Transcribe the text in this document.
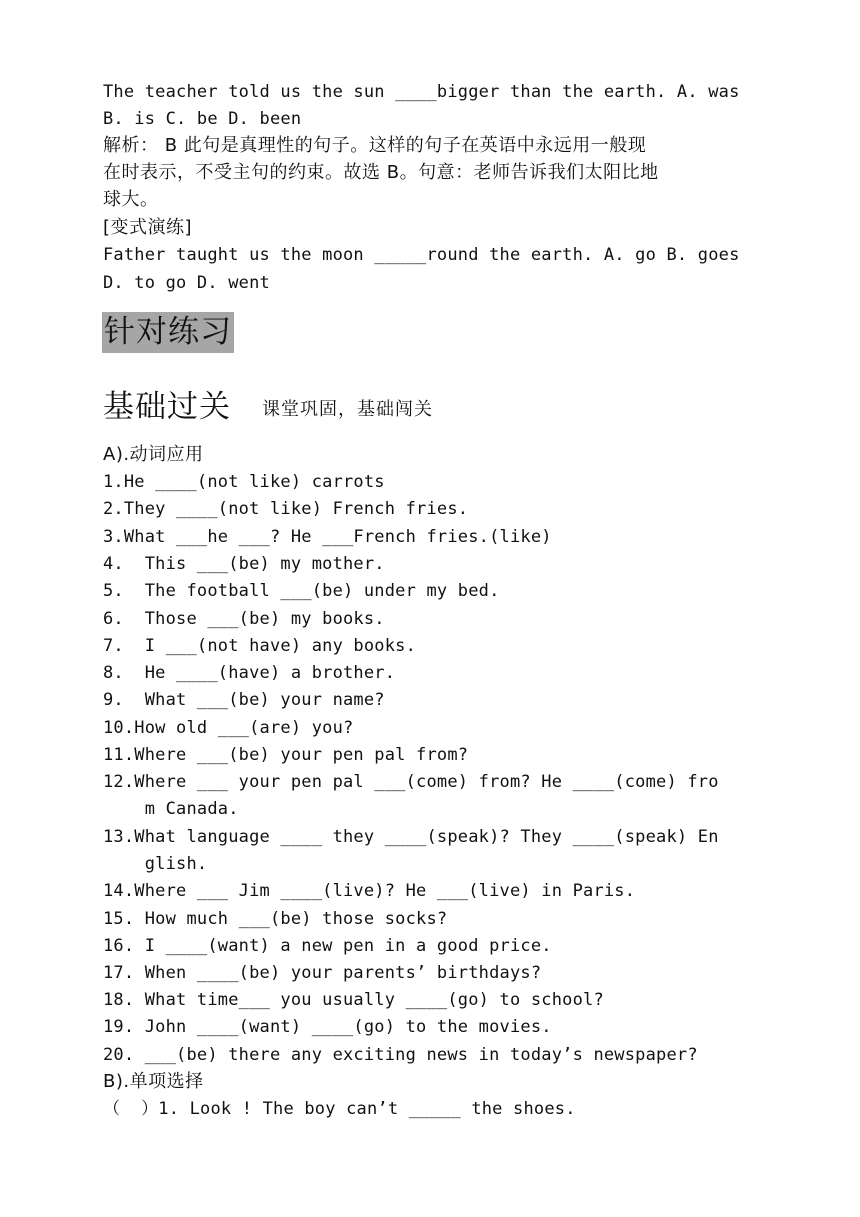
The teacher told us the sun ____bigger than the earth. A. was
B. is C. be D. been
解析： B 此句是真理性的句子。这样的句子在英语中永远用一般现
在时表示，不受主句的约束。故选 B。句意：老师告诉我们太阳比地
球大。
[变式演练]
Father taught us the moon _____round the earth. A. go B. goes
D. to go D. went
针对练习
基础过关 课堂巩固，基础闯关
A).动词应用
1.He ____(not like) carrots
2.They ____(not like) French fries.
3.What ___he ___? He ___French fries.(like)
4.  This ___(be) my mother.
5.  The football ___(be) under my bed.
6.  Those ___(be) my books.
7.  I ___(not have) any books.
8.  He ____(have) a brother.
9.  What ___(be) your name?
10.How old ___(are) you?
11.Where ___(be) your pen pal from?
12.Where ___ your pen pal ___(come) from? He ____(come) fro
m Canada.
13.What language ____ they ____(speak)? They ____(speak) En
glish.
14.Where ___ Jim ____(live)? He ___(live) in Paris.
15. How much ___(be) those socks?
16. I ____(want) a new pen in a good price.
17. When ____(be) your parents’ birthdays?
18. What time___ you usually ____(go) to school?
19. John ____(want) ____(go) to the movies.
20. ___(be) there any exciting news in today’s newspaper?
B).单项选择
（  ）1. Look ! The boy can’t _____ the shoes.
